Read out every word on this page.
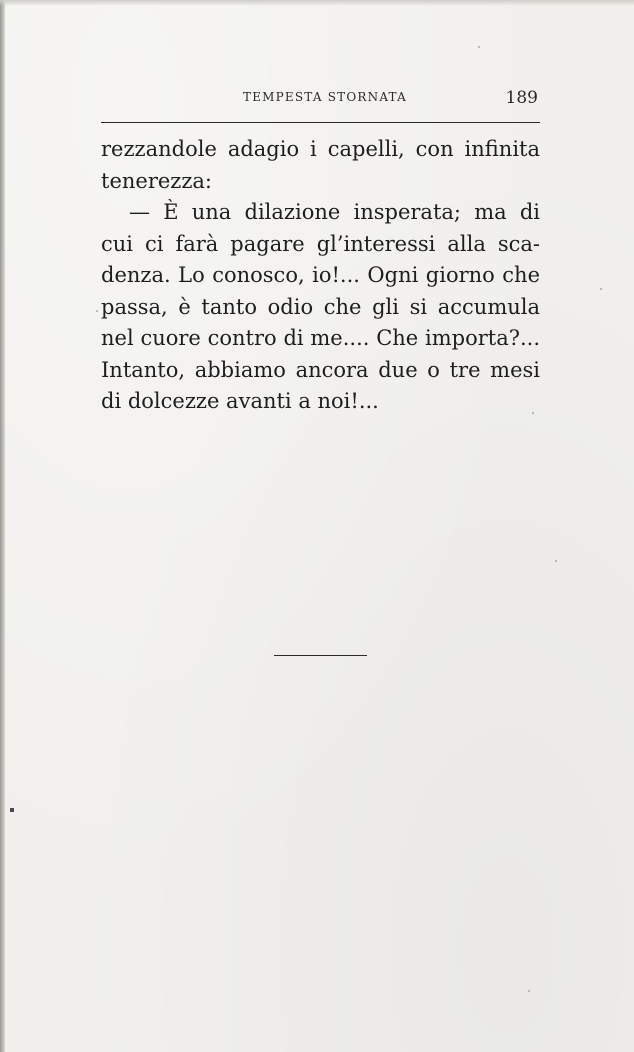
TEMPESTA STORNATA	189
rezzandole adagio i capelli, con infinita
tenerezza:
— È una dilazione insperata; ma di
cui ci farà pagare gl’interessi alla sca-
denza. Lo conosco, io!... Ogni giorno che
passa, è tanto odio che gli si accumula
nel cuore contro di me.... Che importa?...
Intanto, abbiamo ancora due o tre mesi
di dolcezze avanti a noi!...
